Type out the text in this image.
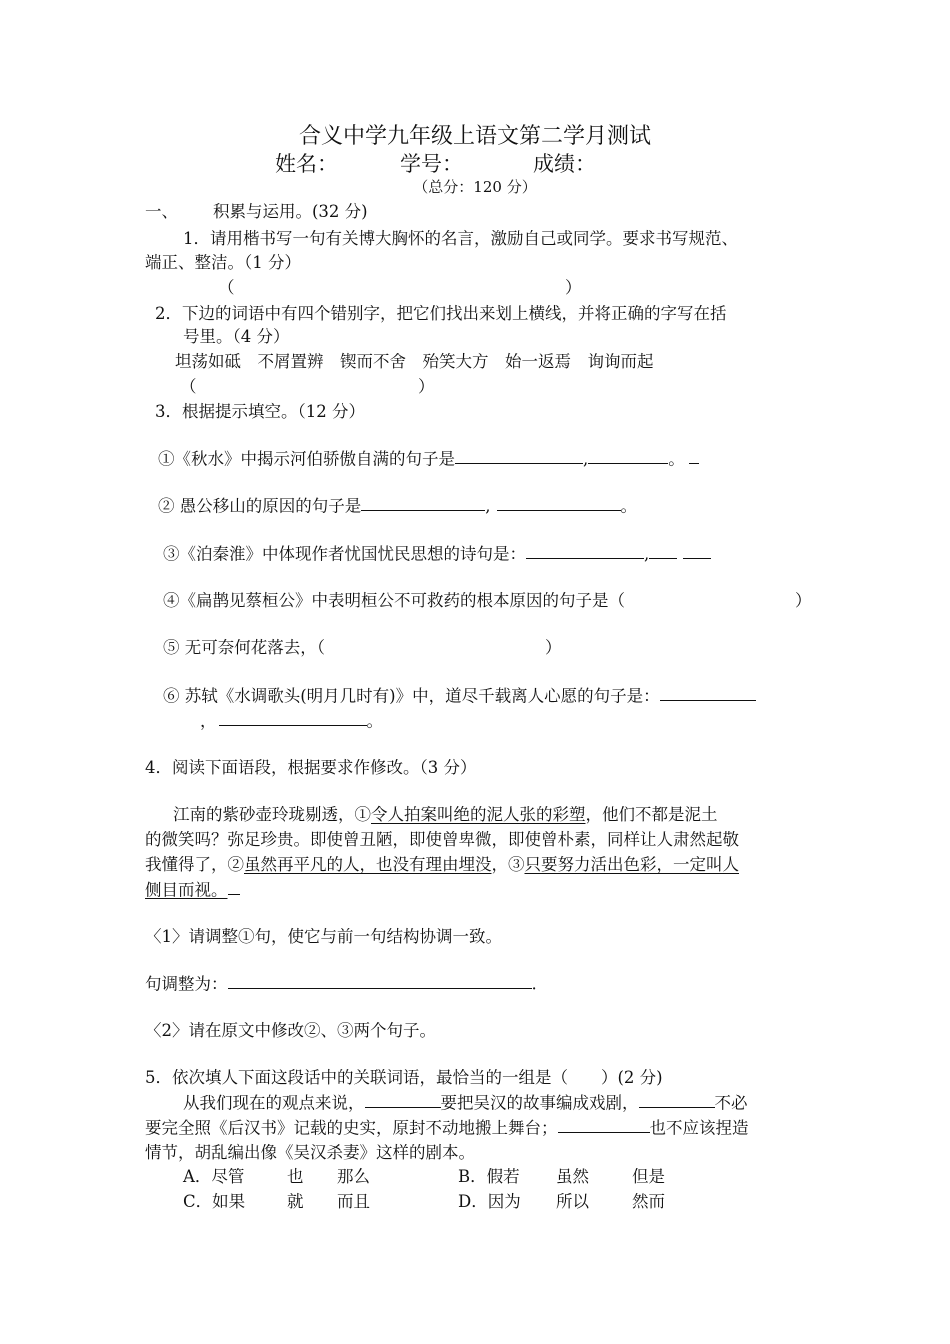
合义中学九年级上语文第二学月测试
姓名：	学号：	成绩：
（总分：120 分）
一、 积累与运用。(32 分)
1．请用楷书写一句有关博大胸怀的名言，激励自己或同学。要求书写规范、
端正、整洁。（1 分）
（	）
2．下边的词语中有四个错别字，把它们找出来划上横线，并将正确的字写在括
号里。（4 分）
坦荡如砥　不屑置辨　锲而不舍　殆笑大方　始一返焉　询询而起
（	）
3．根据提示填空。（12 分）
①《秋水》中揭示河伯骄傲自满的句子是	,	。
② 愚公移山的原因的句子是	,	。
③《泊秦淮》中体现作者忧国忧民思想的诗句是：	,
④《扁鹊见蔡桓公》中表明桓公不可救药的根本原因的句子是（	）
⑤ 无可奈何花落去，（	）
⑥ 苏轼《水调歌头(明月几时有)》中，道尽千载离人心愿的句子是：
，	。
4．阅读下面语段，根据要求作修改。（3 分）
江南的紫砂壶玲珑剔透，①令人拍案叫绝的泥人张的彩塑，他们不都是泥土
的微笑吗？弥足珍贵。即使曾丑陋，即使曾卑微，即使曾朴素，同样让人肃然起敬
我懂得了，②虽然再平凡的人，也没有理由埋没，③只要努力活出色彩，一定叫人
侧目而视。
〈1〉请调整①句，使它与前一句结构协调一致。
句调整为：	.
〈2〉请在原文中修改②、③两个句子。
5．依次填人下面这段话中的关联词语，最恰当的一组是（　　）(2 分)
从我们现在的观点来说，	要把吴汉的故事编成戏剧，	不必
要完全照《后汉书》记载的史实，原封不动地搬上舞台；	也不应该捏造
情节，胡乱编出像《吴汉杀妻》这样的剧本。
A．尽管	也 那么	B．假若 虽然	但是
C．如果	就 而且	D．因为 所以	然而
